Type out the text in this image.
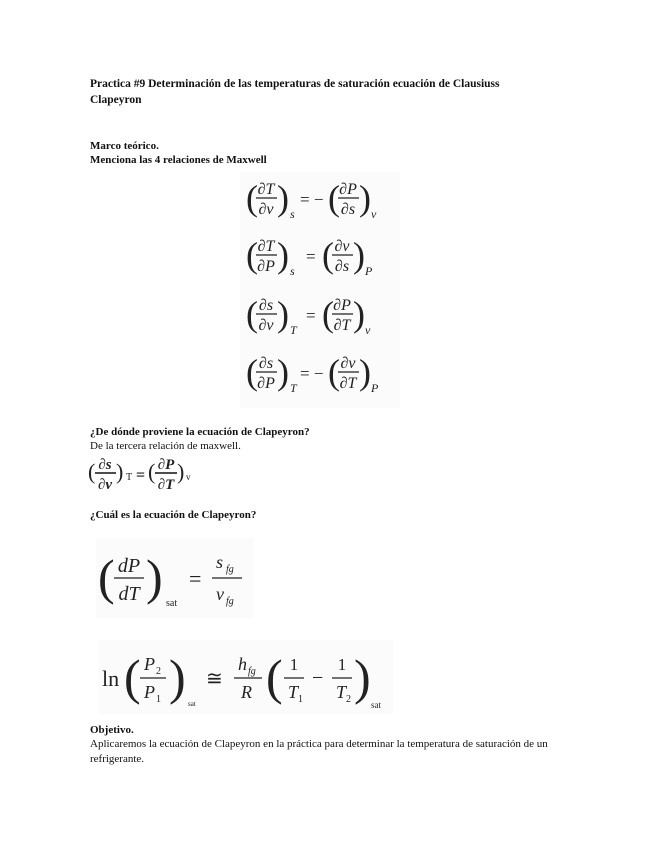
Practica #9 Determinación de las temperaturas de saturación ecuación de Clausiuss Clapeyron
Marco teórico.
Menciona las 4 relaciones de Maxwell
( ∂T
∂v ) s
= − ( ∂P
∂s ) v
( ∂T
∂P ) s
= ( ∂v
∂s ) P
( ∂s
∂v ) T
= ( ∂P
∂T ) v
( ∂s
∂P ) T
= − ( ∂v
∂T ) P
¿De dónde proviene la ecuación de Clapeyron?
De la tercera relación de maxwell.
( ∂s
∂v
) T = ( ∂P
∂T
) v
¿Cuál es la ecuación de Clapeyron?
( dP
dT ) sat
=
s fg
v fg
ln ( P 2
P 1 ) sat
≅
h fg
R ( 1
T 1
−
1
T 2 ) sat
Objetivo.
Aplicaremos la ecuación de Clapeyron en la práctica para determinar la temperatura de saturación de un refrigerante.
